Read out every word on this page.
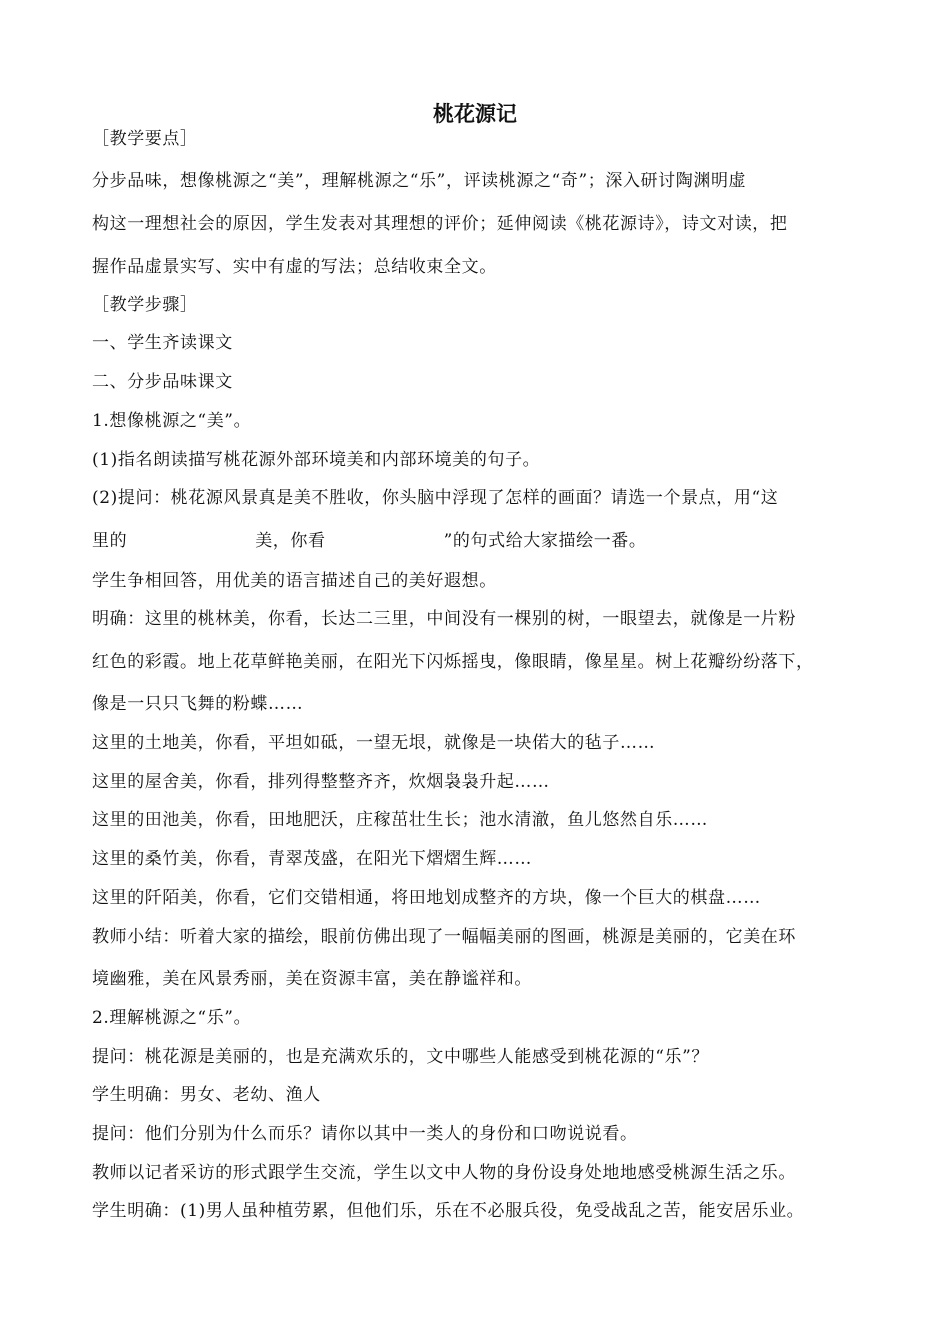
桃花源记
［教学要点］
分步品味，想像桃源之“美”，理解桃源之“乐”，评读桃源之“奇”；深入研讨陶渊明虚
构这一理想社会的原因，学生发表对其理想的评价；延伸阅读《桃花源诗》，诗文对读，把
握作品虚景实写、实中有虚的写法；总结收束全文。
［教学步骤］
一、学生齐读课文
二、分步品味课文
1.想像桃源之“美”。
(1)指名朗读描写桃花源外部环境美和内部环境美的句子。
(2)提问：桃花源风景真是美不胜收，你头脑中浮现了怎样的画面？请选一个景点，用“这
里的	美，你看	”的句式给大家描绘一番。
学生争相回答，用优美的语言描述自己的美好遐想。
明确：这里的桃林美，你看，长达二三里，中间没有一棵别的树，一眼望去，就像是一片粉
红色的彩霞。地上花草鲜艳美丽，在阳光下闪烁摇曳，像眼睛，像星星。树上花瓣纷纷落下，
像是一只只飞舞的粉蝶……
这里的土地美，你看，平坦如砥，一望无垠，就像是一块偌大的毡子……
这里的屋舍美，你看，排列得整整齐齐，炊烟袅袅升起……
这里的田池美，你看，田地肥沃，庄稼茁壮生长；池水清澈，鱼儿悠然自乐……
这里的桑竹美，你看，青翠茂盛，在阳光下熠熠生辉……
这里的阡陌美，你看，它们交错相通，将田地划成整齐的方块，像一个巨大的棋盘……
教师小结：听着大家的描绘，眼前仿佛出现了一幅幅美丽的图画，桃源是美丽的，它美在环
境幽雅，美在风景秀丽，美在资源丰富，美在静谧祥和。
2.理解桃源之“乐”。
提问：桃花源是美丽的，也是充满欢乐的，文中哪些人能感受到桃花源的“乐”？
学生明确：男女、老幼、渔人
提问：他们分别为什么而乐？请你以其中一类人的身份和口吻说说看。
教师以记者采访的形式跟学生交流，学生以文中人物的身份设身处地地感受桃源生活之乐。
学生明确：(1)男人虽种植劳累，但他们乐，乐在不必服兵役，免受战乱之苦，能安居乐业。
